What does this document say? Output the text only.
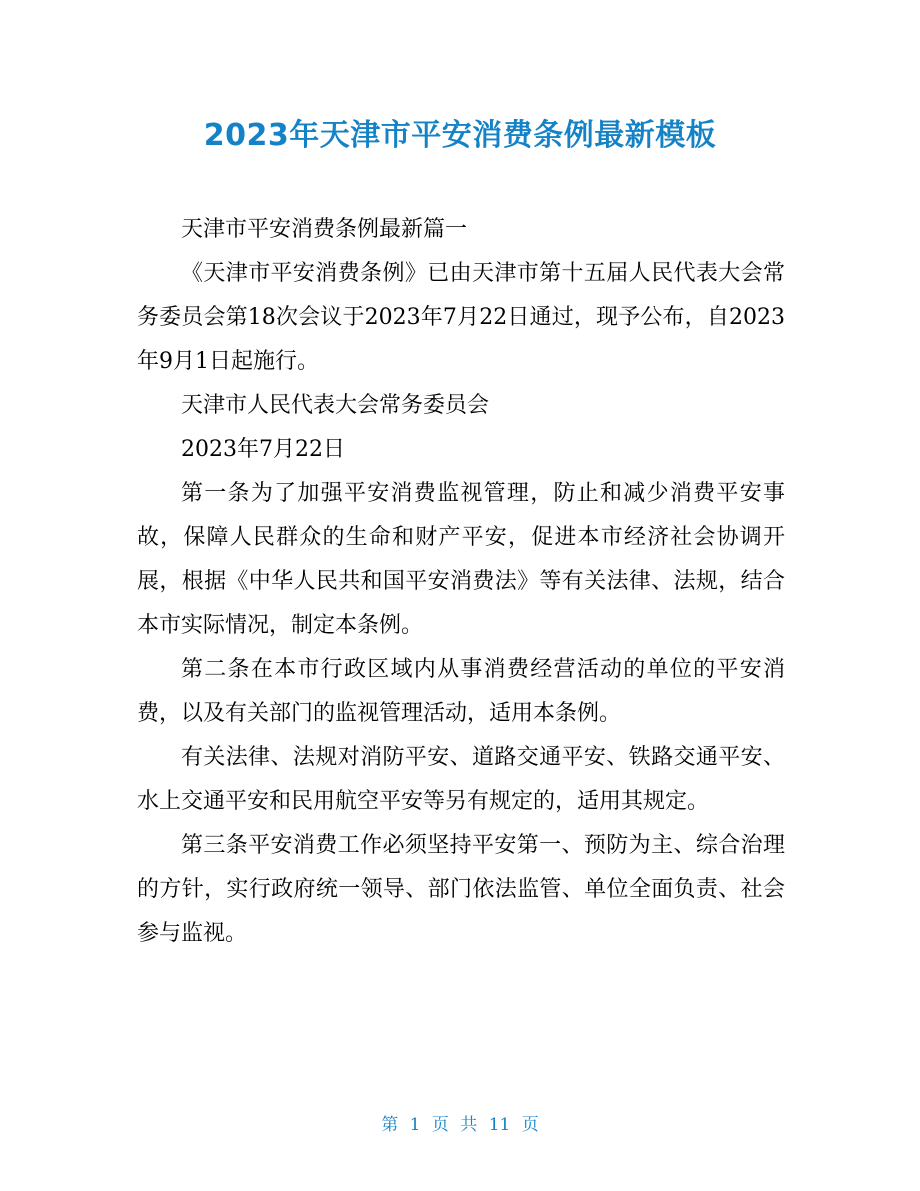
2023年天津市平安消费条例最新模板

天津市平安消费条例最新篇一

《天津市平安消费条例》已由天津市第十五届人民代表大会常务委员会第18次会议于2023年7月22日通过，现予公布，自2023年9月1日起施行。

天津市人民代表大会常务委员会

2023年7月22日

第一条为了加强平安消费监视管理，防止和减少消费平安事故，保障人民群众的生命和财产平安，促进本市经济社会协调开展，根据《中华人民共和国平安消费法》等有关法律、法规，结合本市实际情况，制定本条例。

第二条在本市行政区域内从事消费经营活动的单位的平安消费，以及有关部门的监视管理活动，适用本条例。

有关法律、法规对消防平安、道路交通平安、铁路交通平安、水上交通平安和民用航空平安等另有规定的，适用其规定。

第三条平安消费工作必须坚持平安第一、预防为主、综合治理的方针，实行政府统一领导、部门依法监管、单位全面负责、社会参与监视。

第 1 页 共 11 页
